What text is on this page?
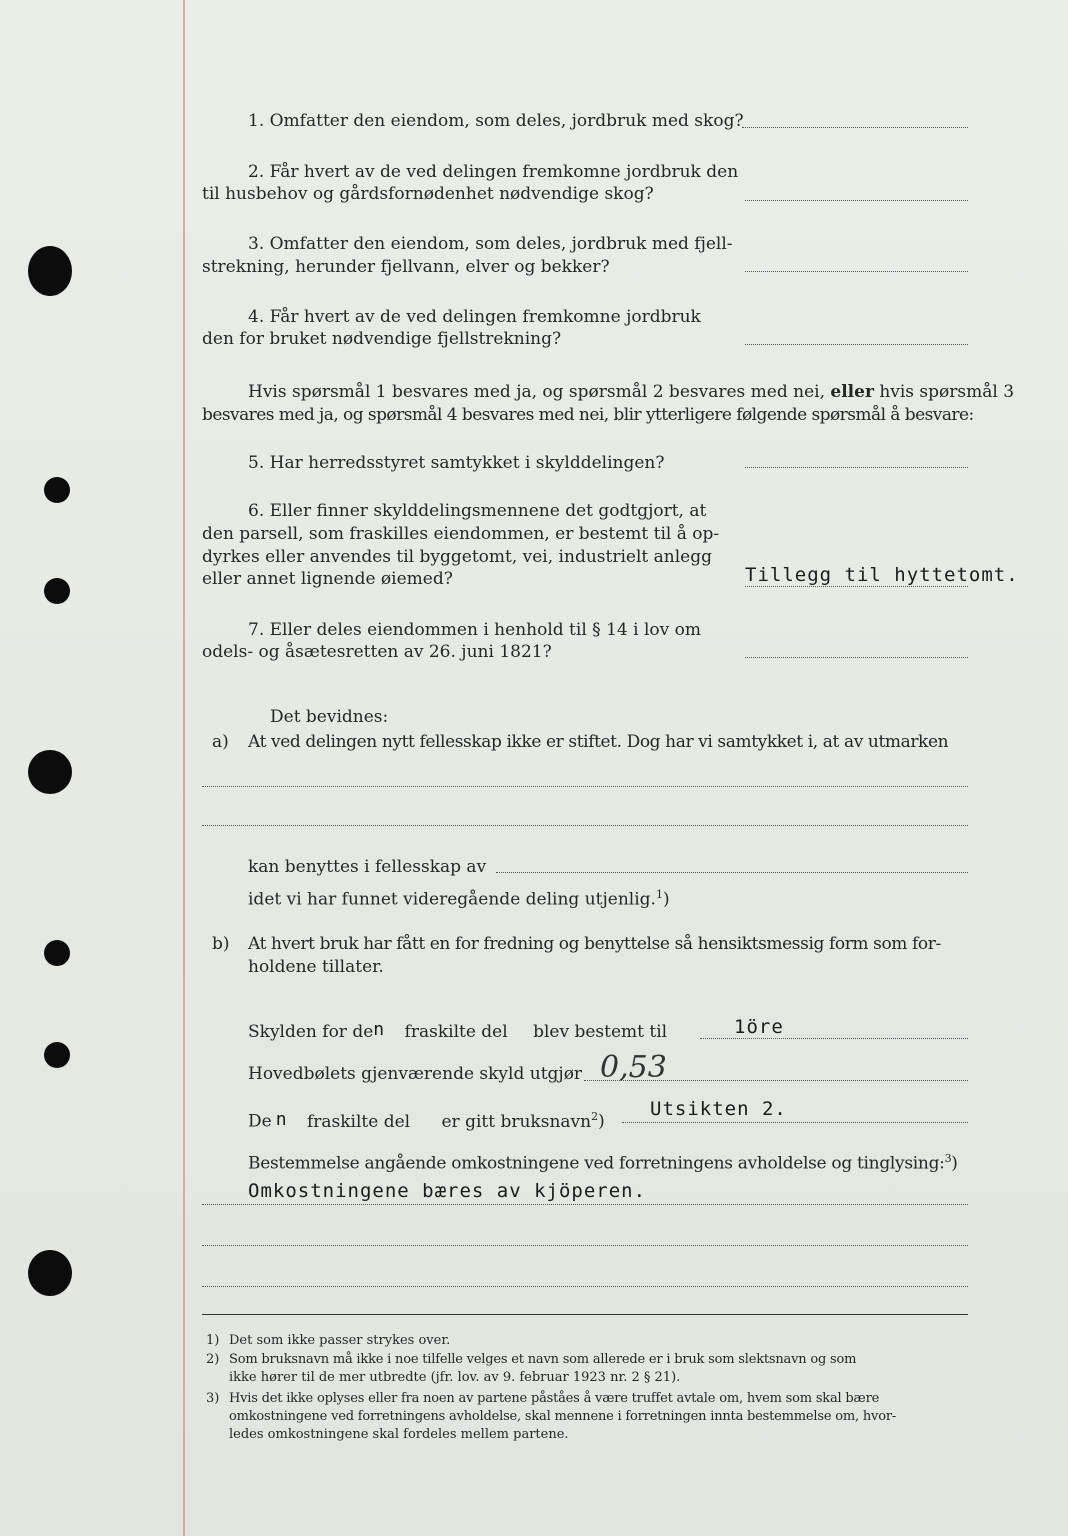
1. Omfatter den eiendom, som deles, jordbruk med skog?
2. Får hvert av de ved delingen fremkomne jordbruk den
til husbehov og gårdsfornødenhet nødvendige skog?
3. Omfatter den eiendom, som deles, jordbruk med fjell-
strekning, herunder fjellvann, elver og bekker?
4. Får hvert av de ved delingen fremkomne jordbruk
den for bruket nødvendige fjellstrekning?
Hvis spørsmål 1 besvares med ja, og spørsmål 2 besvares med nei, eller hvis spørsmål 3
besvares med ja, og spørsmål 4 besvares med nei, blir ytterligere følgende spørsmål å besvare:
5. Har herredsstyret samtykket i skylddelingen?
6. Eller finner skylddelingsmennene det godtgjort, at
den parsell, som fraskilles eiendommen, er bestemt til å op-
dyrkes eller anvendes til byggetomt, vei, industrielt anlegg
eller annet lignende øiemed?	Tillegg til hyttetomt.
7. Eller deles eiendommen i henhold til § 14 i lov om
odels- og åsætesretten av 26. juni 1821?
Det bevidnes:
a) At ved delingen nytt fellesskap ikke er stiftet. Dog har vi samtykket i, at av utmarken
kan benyttes i fellesskap av
idet vi har funnet videregående deling utjenlig.$^1$)
b) At hvert bruk har fått en for fredning og benyttelse så hensiktsmessig form som for-
holdene tillater.
Skylden for den fraskilte del blev bestemt til	1öre
Hovedbølets gjenværende skyld utgjør 0,53
De n fraskilte del er gitt bruksnavn$^2$)
Utsikten 2.
Bestemmelse angående omkostningene ved forretningens avholdelse og tinglysing:$^3$)
Omkostningene bæres av kjöperen.
1) Det som ikke passer strykes over.
2) Som bruksnavn må ikke i noe tilfelle velges et navn som allerede er i bruk som slektsnavn og som
ikke hører til de mer utbredte (jfr. lov. av 9. februar 1923 nr. 2 § 21).
3) Hvis det ikke oplyses eller fra noen av partene påståes å være truffet avtale om, hvem som skal bære
omkostningene ved forretningens avholdelse, skal mennene i forretningen innta bestemmelse om, hvor-
ledes omkostningene skal fordeles mellem partene.
